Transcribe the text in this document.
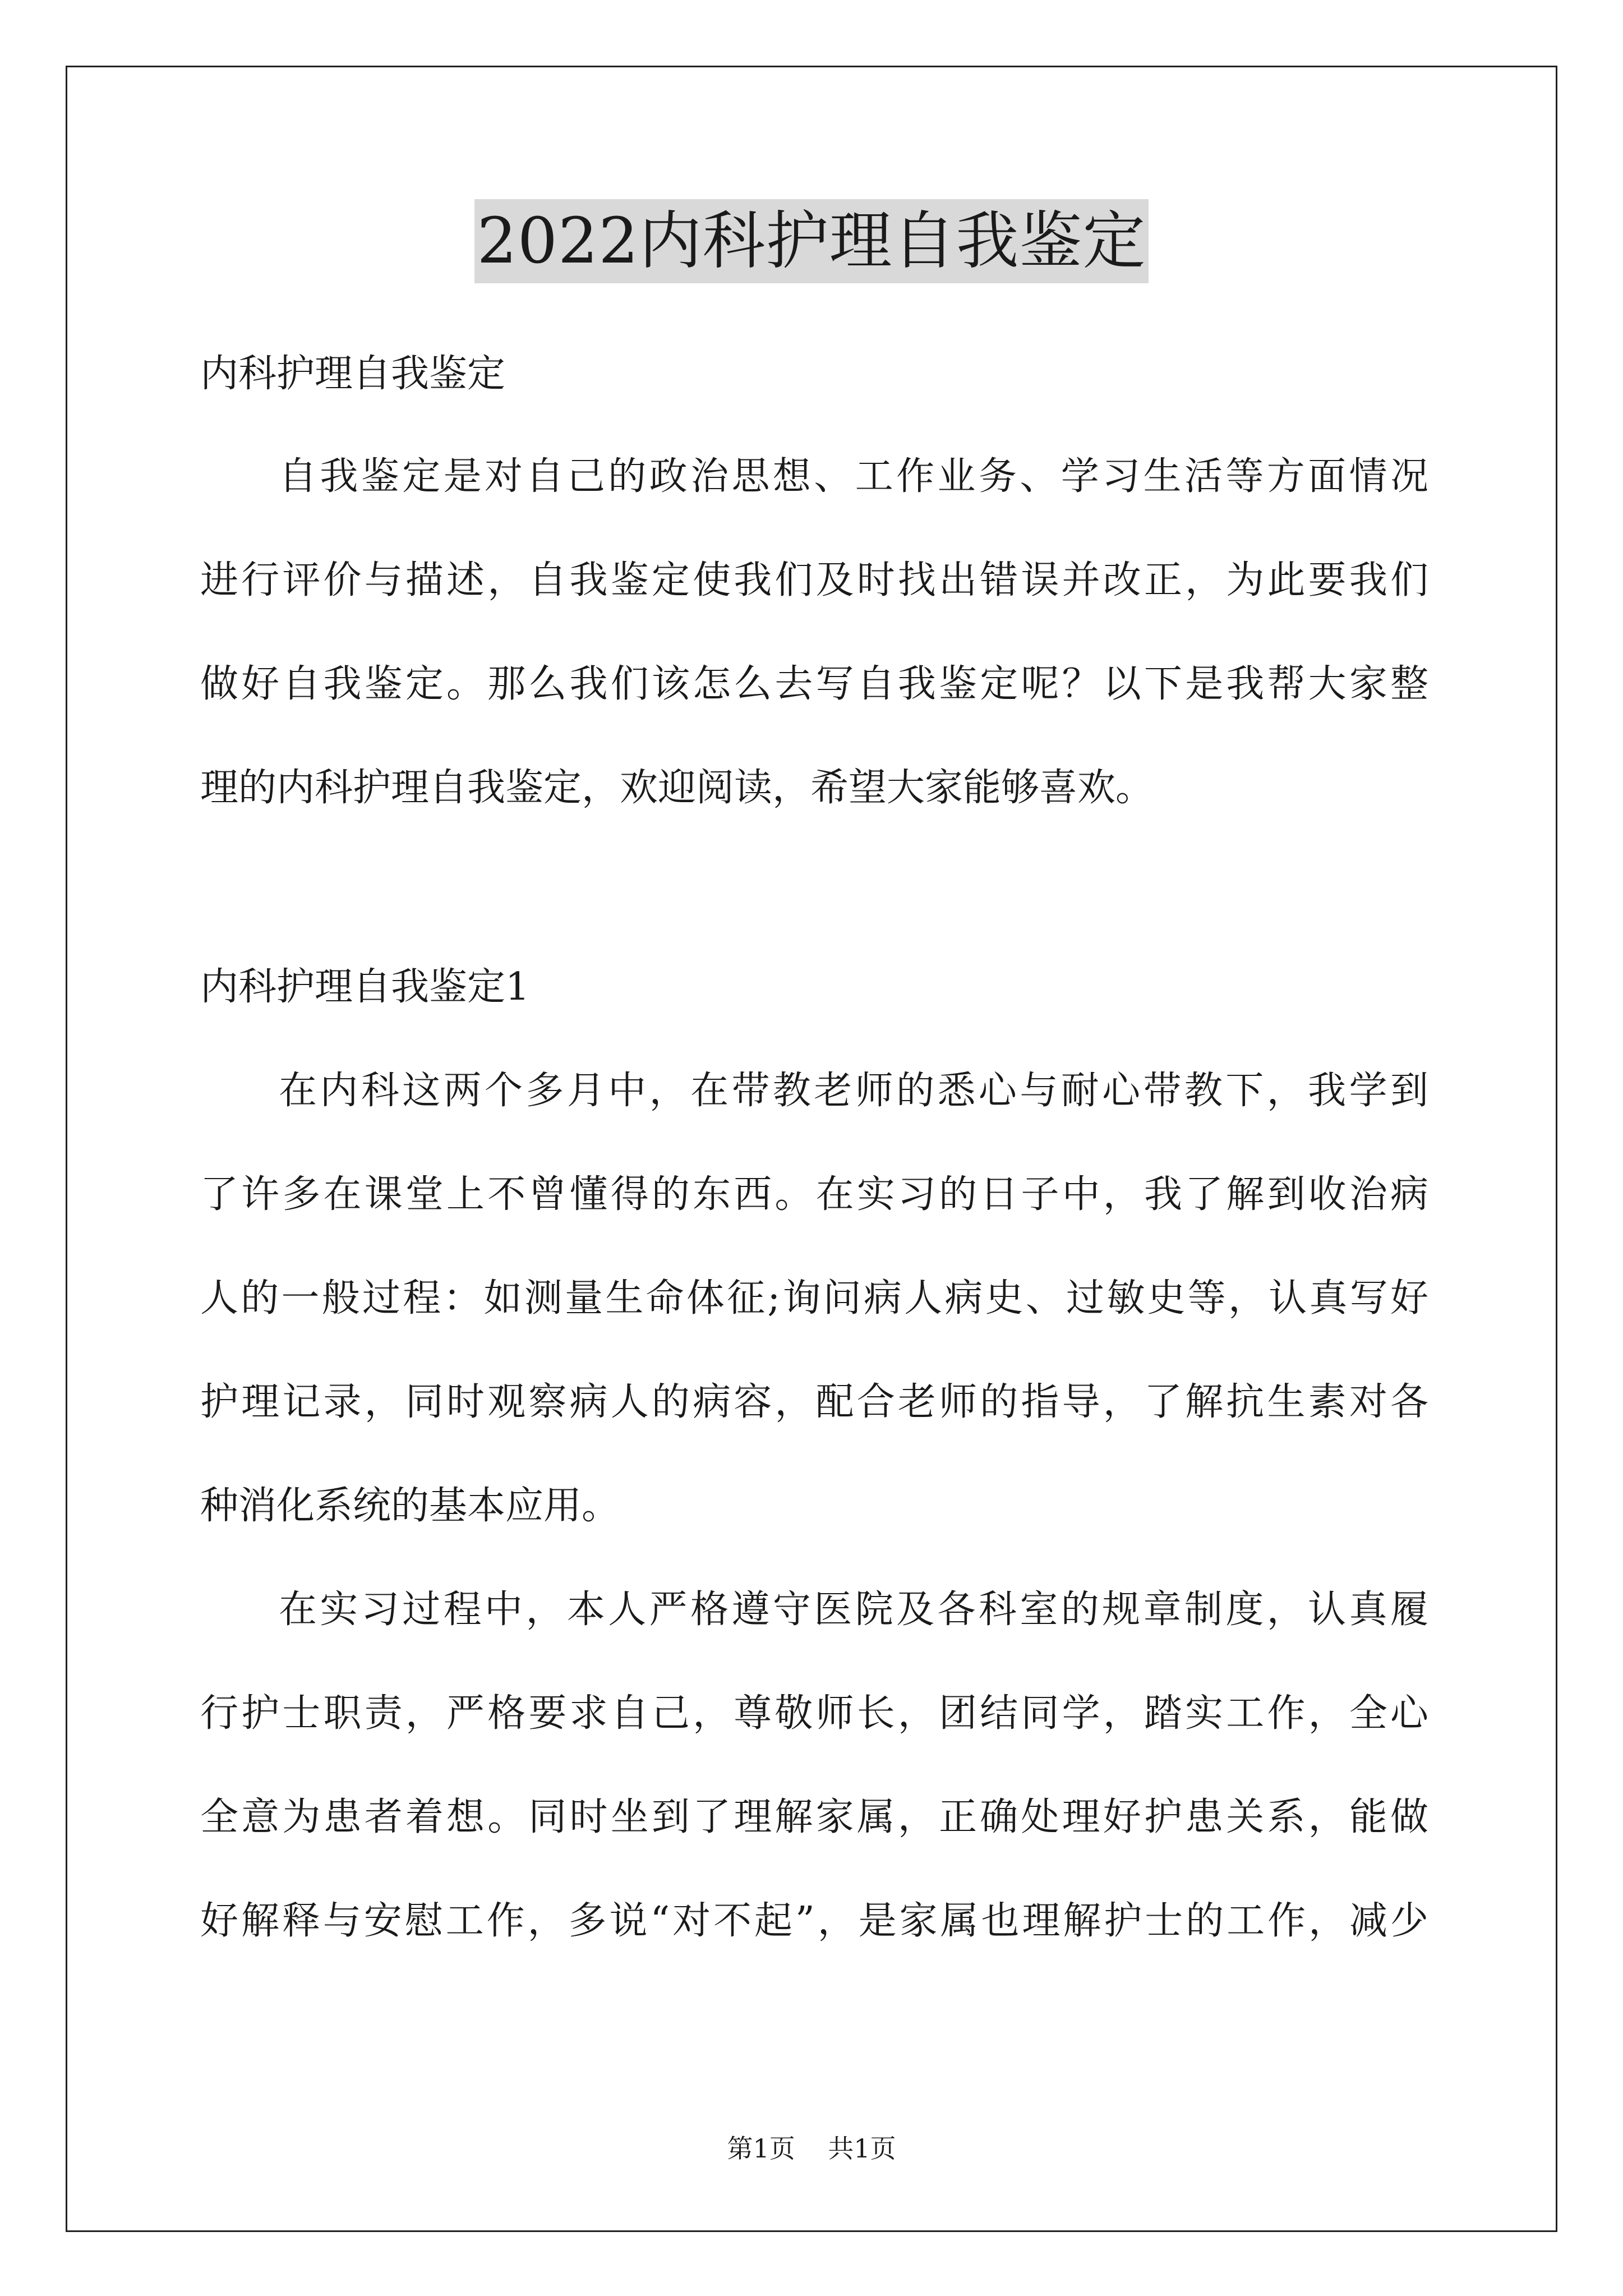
2022内科护理自我鉴定
内科护理自我鉴定
自我鉴定是对自己的政治思想、工作业务、学习生活等方面情况
进行评价与描述，自我鉴定使我们及时找出错误并改正，为此要我们
做好自我鉴定。那么我们该怎么去写自我鉴定呢？以下是我帮大家整
理的内科护理自我鉴定，欢迎阅读，希望大家能够喜欢。
内科护理自我鉴定1
在内科这两个多月中，在带教老师的悉心与耐心带教下，我学到
了许多在课堂上不曾懂得的东西。在实习的日子中，我了解到收治病
人的一般过程：如测量生命体征;询问病人病史、过敏史等，认真写好
护理记录，同时观察病人的病容，配合老师的指导，了解抗生素对各
种消化系统的基本应用。
在实习过程中，本人严格遵守医院及各科室的规章制度，认真履
行护士职责，严格要求自己，尊敬师长，团结同学，踏实工作，全心
全意为患者着想。同时坐到了理解家属，正确处理好护患关系，能做
好解释与安慰工作，多说“对不起”，是家属也理解护士的工作，减少
第1页    共1页
